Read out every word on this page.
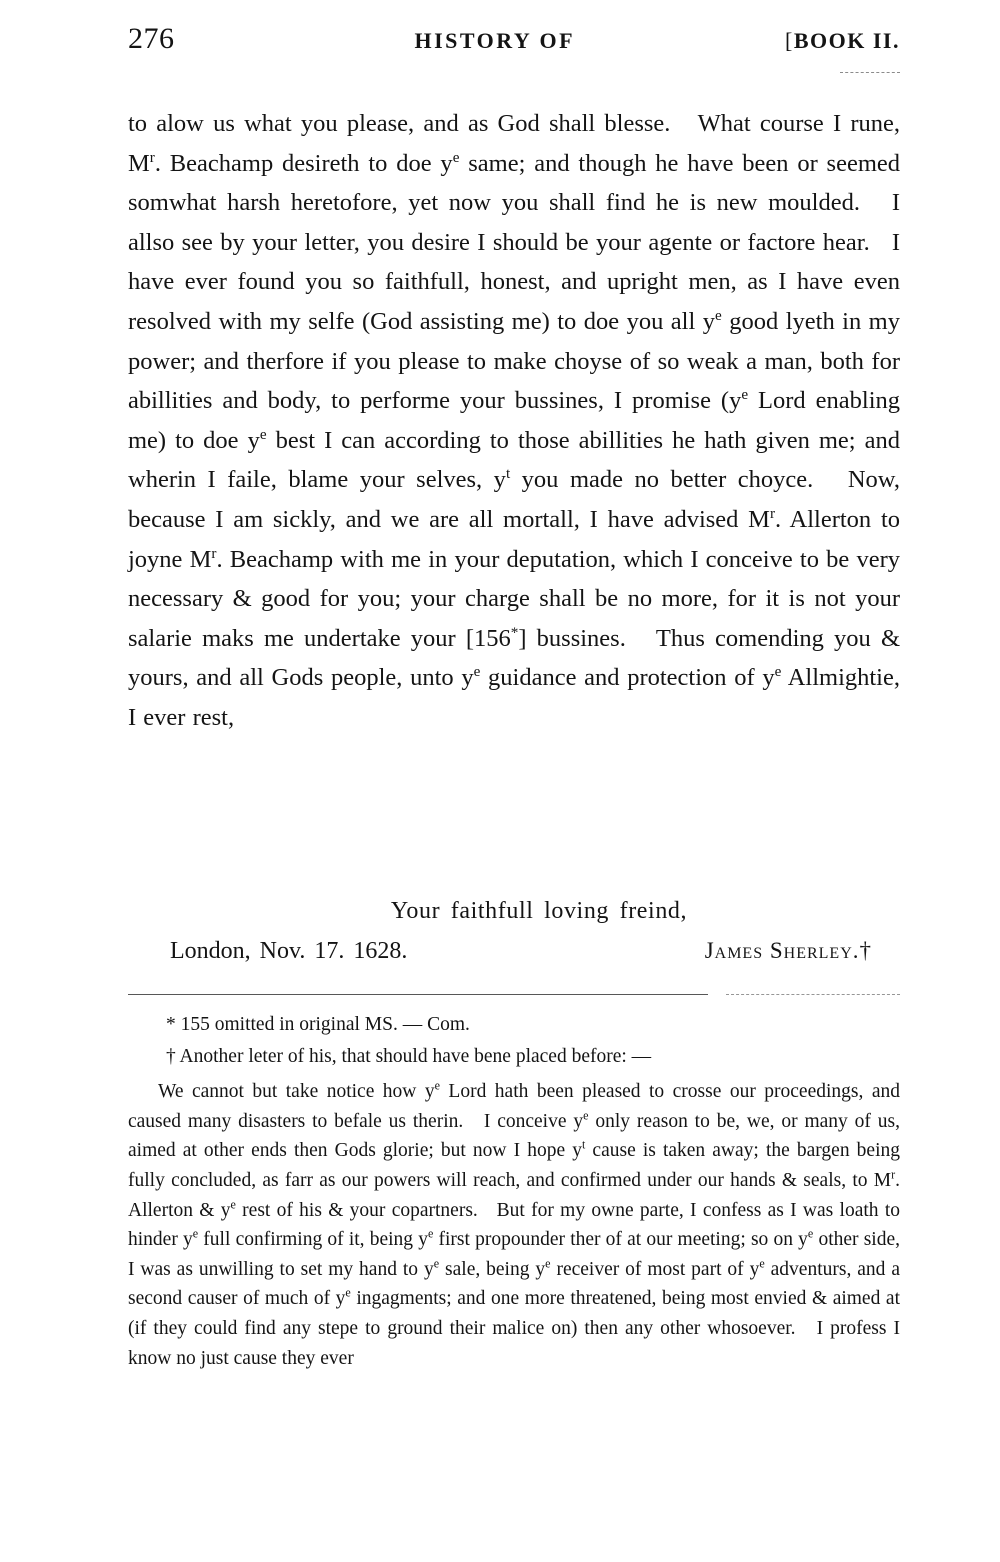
276	HISTORY OF	[BOOK II.

to alow us what you please, and as God shall blesse.   What course I rune, $M^r$. Beachamp desireth to doe $y^e$ same; and though he have been or seemed somwhat harsh heretofore, yet now you shall find he is new moulded.   I allso see by your letter, you desire I should be your agente or factore hear.   I have ever found you so faithfull, honest, and upright men, as I have even resolved with my selfe (God assisting me) to doe you all $y^e$ good lyeth in my power; and therfore if you please to make choyse of so weak a man, both for abillities and body, to performe your bussines, I promise ($y^e$ Lord enabling me) to doe $y^e$ best I can according to those abillities he hath given me; and wherin I faile, blame your selves, $y^t$ you made no better choyce.   Now, because I am sickly, and we are all mortall, I have advised $M^r$. Allerton to joyne $M^r$. Beachamp with me in your deputation, which I conceive to be very necessary & good for you; your charge shall be no more, for it is not your salarie maks me undertake your [156*] bussines.   Thus comending you & yours, and all Gods people, unto $y^e$ guidance and protection of $y^e$ Allmightie, I ever rest,

Your faithfull loving freind,
London, Nov. 17. 1628.	James Sherley.†

* 155 omitted in original MS. — Com.

† Another leter of his, that should have bene placed before: —

We cannot but take notice how $y^e$ Lord hath been pleased to crosse our proceedings, and caused many disasters to befale us therin.   I conceive $y^e$ only reason to be, we, or many of us, aimed at other ends then Gods glorie; but now I hope $y^t$ cause is taken away; the bargen being fully concluded, as farr as our powers will reach, and confirmed under our hands & seals, to $M^r$. Allerton & $y^e$ rest of his & your copartners.   But for my owne parte, I confess as I was loath to hinder $y^e$ full confirming of it, being $y^e$ first propounder ther of at our meeting; so on $y^e$ other side, I was as unwilling to set my hand to $y^e$ sale, being $y^e$ receiver of most part of $y^e$ adventurs, and a second causer of much of $y^e$ ingagments; and one more threatened, being most envied & aimed at (if they could find any stepe to ground their malice on) then any other whosoever.   I profess I know no just cause they ever
